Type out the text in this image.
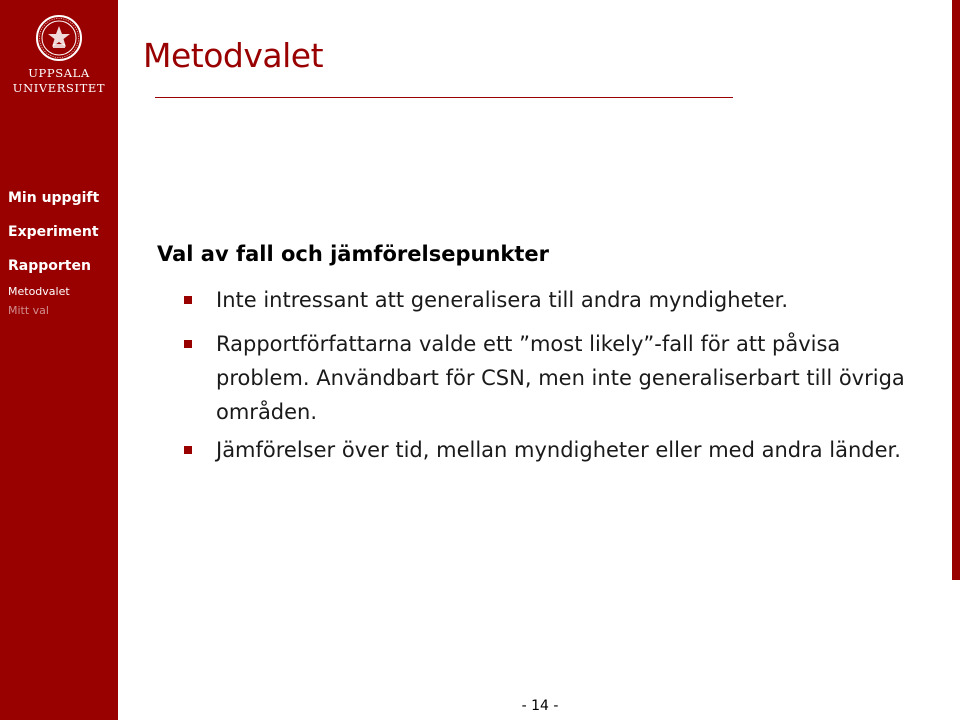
UPPSALA
UNIVERSITET
Min uppgift
Experiment
Rapporten
Metodvalet
Mitt val
Metodvalet
Val av fall och jämförelsepunkter
Inte intressant att generalisera till andra myndigheter.
Rapportförfattarna valde ett ”most likely”-fall för att påvisa problem. Användbart för CSN, men inte generaliserbart till övriga områden.
Jämförelser över tid, mellan myndigheter eller med andra länder.
- 14 -
